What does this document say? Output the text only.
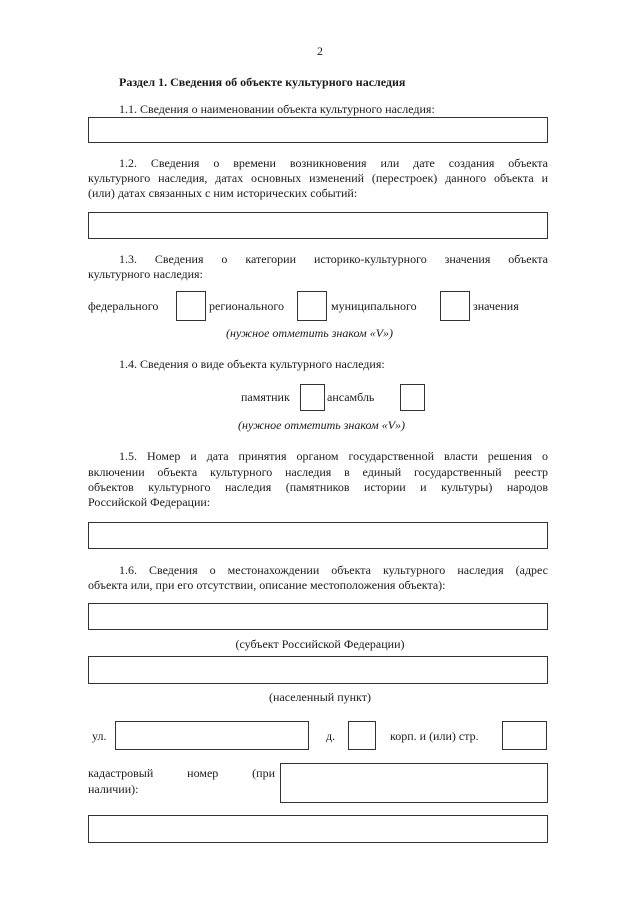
2
Раздел 1. Сведения об объекте культурного наследия
1.1. Сведения о наименовании объекта культурного наследия:
1.2. Сведения о времени возникновения или дате создания объекта
культурного наследия, датах основных изменений (перестроек) данного объекта и
(или) датах связанных с ним исторических событий:
1.3. Сведения о категории историко-культурного значения объекта
культурного наследия:
федерального	регионального	муниципального	значения
(нужное отметить знаком «V»)
1.4. Сведения о виде объекта культурного наследия:
памятник	ансамбль
(нужное отметить знаком «V»)
1.5. Номер и дата принятия органом государственной власти решения о
включении объекта культурного наследия в единый государственный реестр
объектов культурного наследия (памятников истории и культуры) народов
Российской Федерации:
1.6. Сведения о местонахождении объекта культурного наследия (адрес
объекта или, при его отсутствии, описание местоположения объекта):
(субъект Российской Федерации)
(населенный пункт)
ул.	д.	корп. и (или) стр.
кадастровый номер (при
наличии):
